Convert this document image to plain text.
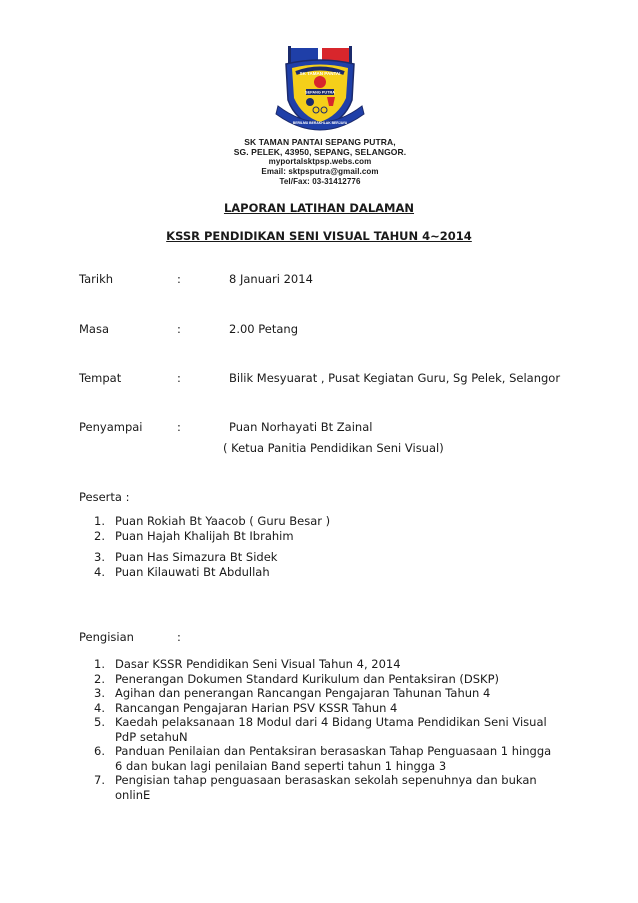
SK TAMAN PANTAI
SEPANG PUTRA
BERILMU BERAKHLAK BERJAYA
SK TAMAN PANTAI SEPANG PUTRA,
SG. PELEK, 43950, SEPANG, SELANGOR.
myportalsktpsp.webs.com
Email: sktpsputra@gmail.com
Tel/Fax: 03-31412776
LAPORAN LATIHAN DALAMAN
KSSR PENDIDIKAN SENI VISUAL TAHUN 4~2014
Tarikh	:	8 Januari 2014
Masa	:	2.00 Petang
Tempat	:	Bilik Mesyuarat , Pusat Kegiatan Guru, Sg Pelek, Selangor
Penyampai	:	Puan Norhayati Bt Zainal
( Ketua Panitia Pendidikan Seni Visual)
Peserta :
1. Puan Rokiah Bt Yaacob ( Guru Besar )
2. Puan Hajah Khalijah Bt Ibrahim
3. Puan Has Simazura Bt Sidek
4. Puan Kilauwati Bt Abdullah
Pengisian	:
1. Dasar KSSR Pendidikan Seni Visual Tahun 4, 2014
2. Penerangan Dokumen Standard Kurikulum dan Pentaksiran (DSKP)
3. Agihan dan penerangan Rancangan Pengajaran Tahunan Tahun 4
4. Rancangan Pengajaran Harian PSV KSSR Tahun 4
5. Kaedah pelaksanaan 18 Modul dari 4 Bidang Utama Pendidikan Seni Visual PdP setahuN
6. Panduan Penilaian dan Pentaksiran berasaskan Tahap Penguasaan 1 hingga 6 dan bukan lagi penilaian Band seperti tahun 1 hingga 3
7. Pengisian tahap penguasaan berasaskan sekolah sepenuhnya dan bukan onlinE
